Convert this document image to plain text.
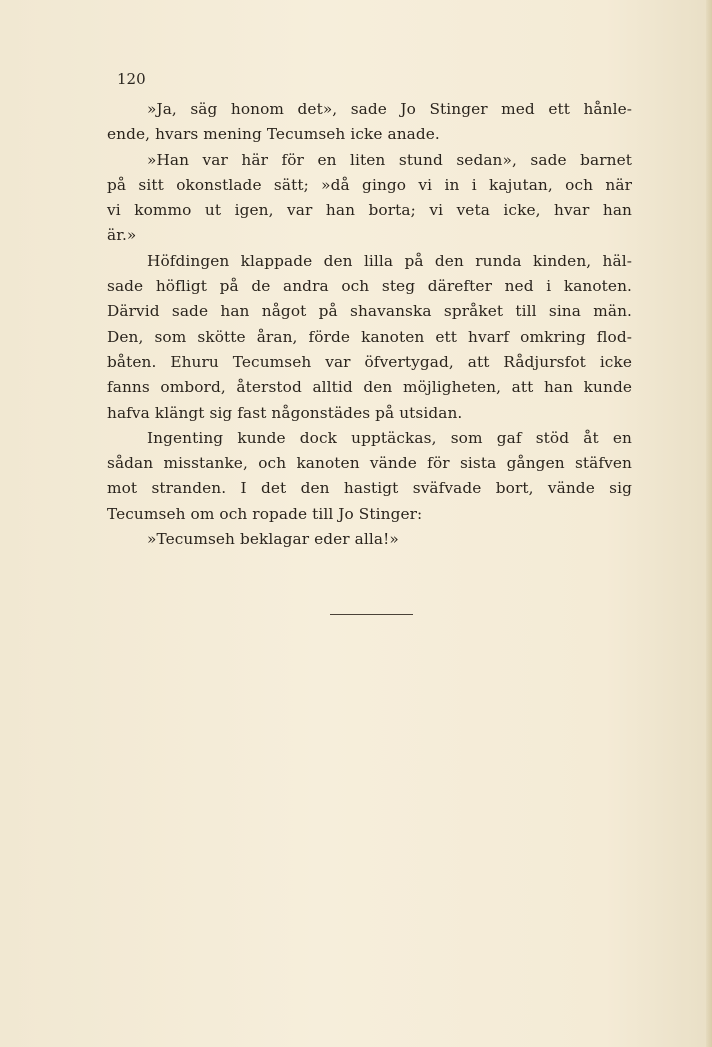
120

»Ja, säg honom det», sade Jo Stinger med ett hånle-

ende, hvars mening Tecumseh icke anade.

»Han var här för en liten stund sedan», sade barnet

på sitt okonstlade sätt; »då gingo vi in i kajutan, och när

vi kommo ut igen, var han borta; vi veta icke, hvar han

är.»

Höfdingen klappade den lilla på den runda kinden, häl-

sade höfligt på de andra och steg därefter ned i kanoten.

Därvid sade han något på shavanska språket till sina män.

Den, som skötte åran, förde kanoten ett hvarf omkring flod-

båten. Ehuru Tecumseh var öfvertygad, att Rådjursfot icke

fanns ombord, återstod alltid den möjligheten, att han kunde

hafva klängt sig fast någonstädes på utsidan.

Ingenting kunde dock upptäckas, som gaf stöd åt en

sådan misstanke, och kanoten vände för sista gången stäfven

mot stranden. I det den hastigt sväfvade bort, vände sig

Tecumseh om och ropade till Jo Stinger:

»Tecumseh beklagar eder alla!»
